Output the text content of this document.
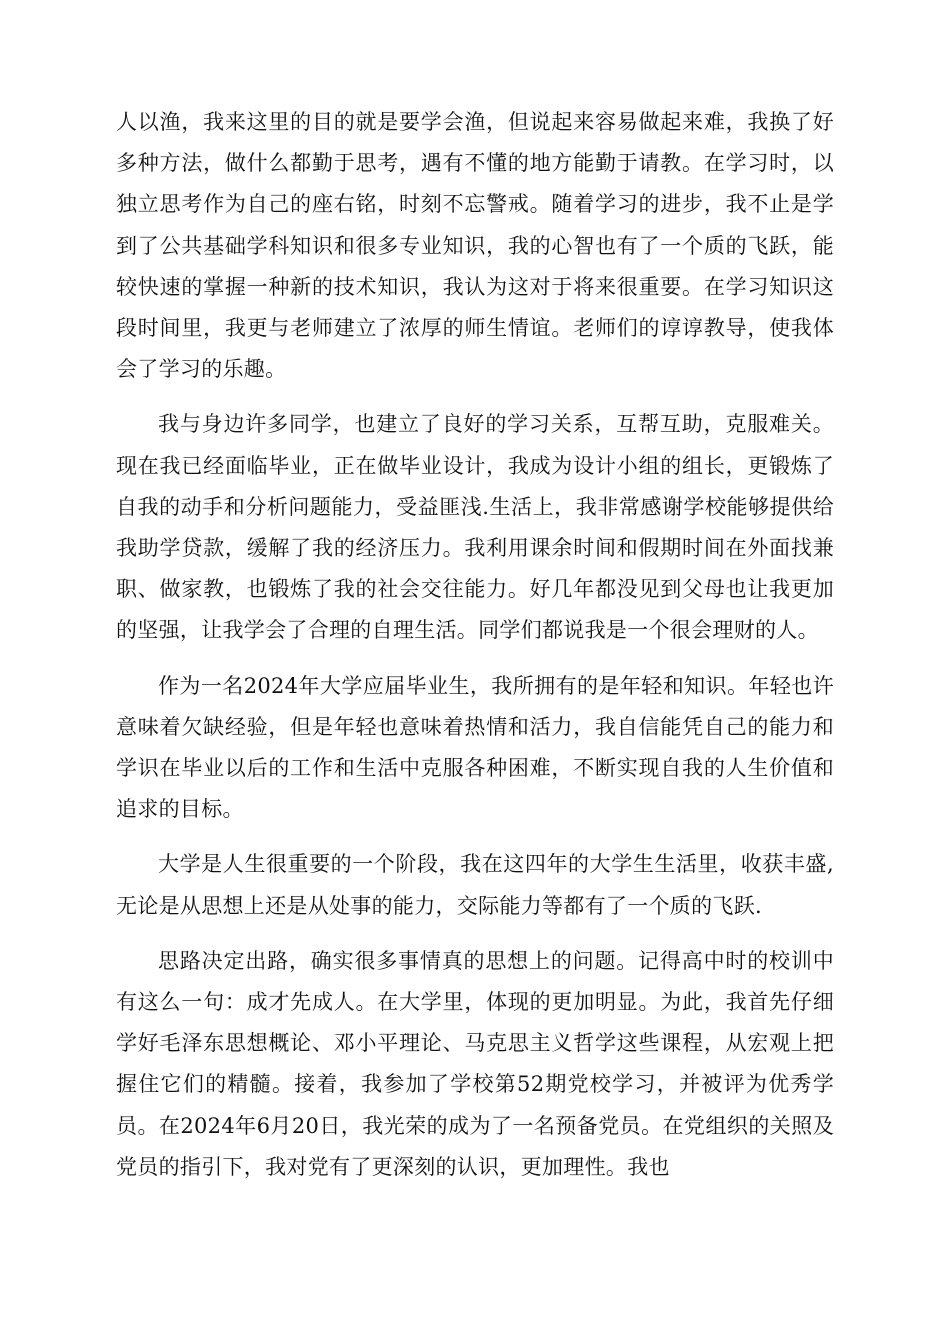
人以渔，我来这里的目的就是要学会渔，但说起来容易做起来难，我换了好多种方法，做什么都勤于思考，遇有不懂的地方能勤于请教。在学习时，以独立思考作为自己的座右铭，时刻不忘警戒。随着学习的进步，我不止是学到了公共基础学科知识和很多专业知识，我的心智也有了一个质的飞跃，能较快速的掌握一种新的技术知识，我认为这对于将来很重要。在学习知识这段时间里，我更与老师建立了浓厚的师生情谊。老师们的谆谆教导，使我体会了学习的乐趣。

我与身边许多同学，也建立了良好的学习关系，互帮互助，克服难关。现在我已经面临毕业，正在做毕业设计，我成为设计小组的组长，更锻炼了自我的动手和分析问题能力，受益匪浅.生活上，我非常感谢学校能够提供给我助学贷款，缓解了我的经济压力。我利用课余时间和假期时间在外面找兼职、做家教，也锻炼了我的社会交往能力。好几年都没见到父母也让我更加的坚强，让我学会了合理的自理生活。同学们都说我是一个很会理财的人。

作为一名2024年大学应届毕业生，我所拥有的是年轻和知识。年轻也许意味着欠缺经验，但是年轻也意味着热情和活力，我自信能凭自己的能力和学识在毕业以后的工作和生活中克服各种困难，不断实现自我的人生价值和追求的目标。

大学是人生很重要的一个阶段，我在这四年的大学生生活里，收获丰盛,无论是从思想上还是从处事的能力，交际能力等都有了一个质的飞跃.

思路决定出路，确实很多事情真的思想上的问题。记得高中时的校训中有这么一句：成才先成人。在大学里，体现的更加明显。为此，我首先仔细学好毛泽东思想概论、邓小平理论、马克思主义哲学这些课程，从宏观上把握住它们的精髓。接着，我参加了学校第52期党校学习，并被评为优秀学员。在2024年6月20日，我光荣的成为了一名预备党员。在党组织的关照及党员的指引下，我对党有了更深刻的认识，更加理性。我也
